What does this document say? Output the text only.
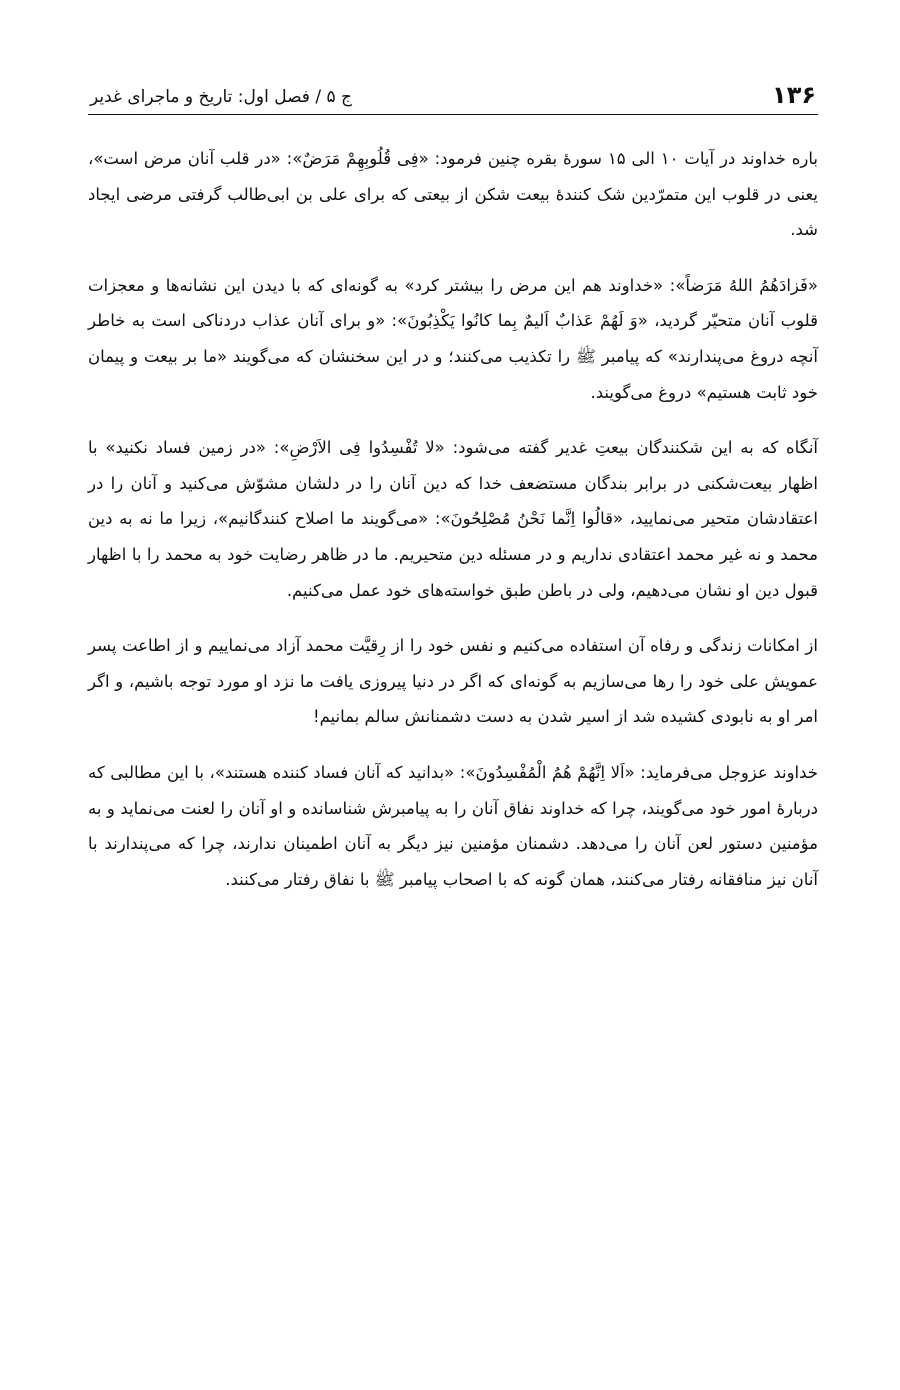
۱۳۶
ج ۵ / فصل اول: تاریخ و ماجرای غدیر

باره خداوند در آیات ۱۰ الی ۱۵ سورهٔ بقره چنین فرمود: «فِی قُلُوبِهِمْ مَرَضٌ»: «در قلب آنان مرض است»، یعنی در قلوب این متمرّدین شک کنندهٔ بیعت شکن از بیعتی که برای علی بن ابی‌طالب گرفتی مرضی ایجاد شد.

«فَزادَهُمُ اللهُ مَرَضاً»: «خداوند هم این مرض را بیشتر کرد» به گونه‌ای که با دیدن این نشانه‌ها و معجزات قلوب آنان متحیّر گردید، «وَ لَهُمْ عَذابٌ اَلیمٌ بِما کانُوا یَکْذِبُونَ»: «و برای آنان عذاب دردناکی است به خاطر آنچه دروغ می‌پندارند» که پیامبر ﷺ را تکذیب می‌کنند؛ و در این سخنشان که می‌گویند «ما بر بیعت و پیمان خود ثابت هستیم» دروغ می‌گویند.

آنگاه که به این شکنندگان بیعتِ غدیر گفته می‌شود: «لا تُفْسِدُوا فِی الاَرْضِ»: «در زمین فساد نکنید» با اظهار بیعت‌شکنی در برابر بندگان مستضعف خدا که دین آنان را در دلشان مشوّش می‌کنید و آنان را در اعتقادشان متحیر می‌نمایید، «قالُوا اِنَّما نَحْنُ مُصْلِحُونَ»: «می‌گویند ما اصلاح کنندگانیم»، زیرا ما نه به دین محمد و نه غیر محمد اعتقادی نداریم و در مسئله دین متحیریم. ما در ظاهر رضایت خود به محمد را با اظهار قبول دین او نشان می‌دهیم، ولی در باطن طبق خواسته‌های خود عمل می‌کنیم.

از امکانات زندگی و رفاه آن استفاده می‌کنیم و نفس خود را از رِقیَّت محمد آزاد می‌نماییم و از اطاعت پسر عمویش علی خود را رها می‌سازیم به گونه‌ای که اگر در دنیا پیروزی یافت ما نزد او مورد توجه باشیم، و اگر امر او به نابودی کشیده شد از اسیر شدن به دست دشمنانش سالم بمانیم!

خداوند عزوجل می‌فرماید: «اَلا اِنَّهُمْ هُمُ الْمُفْسِدُونَ»: «بدانید که آنان فساد کننده هستند»، با این مطالبی که دربارهٔ امور خود می‌گویند، چرا که خداوند نفاق آنان را به پیامبرش شناسانده و او آنان را لعنت می‌نماید و به مؤمنین دستور لعن آنان را می‌دهد. دشمنان مؤمنین نیز دیگر به آنان اطمینان ندارند، چرا که می‌پندارند با آنان نیز منافقانه رفتار می‌کنند، همان گونه که با اصحاب پیامبر ﷺ با نفاق رفتار می‌کنند.
